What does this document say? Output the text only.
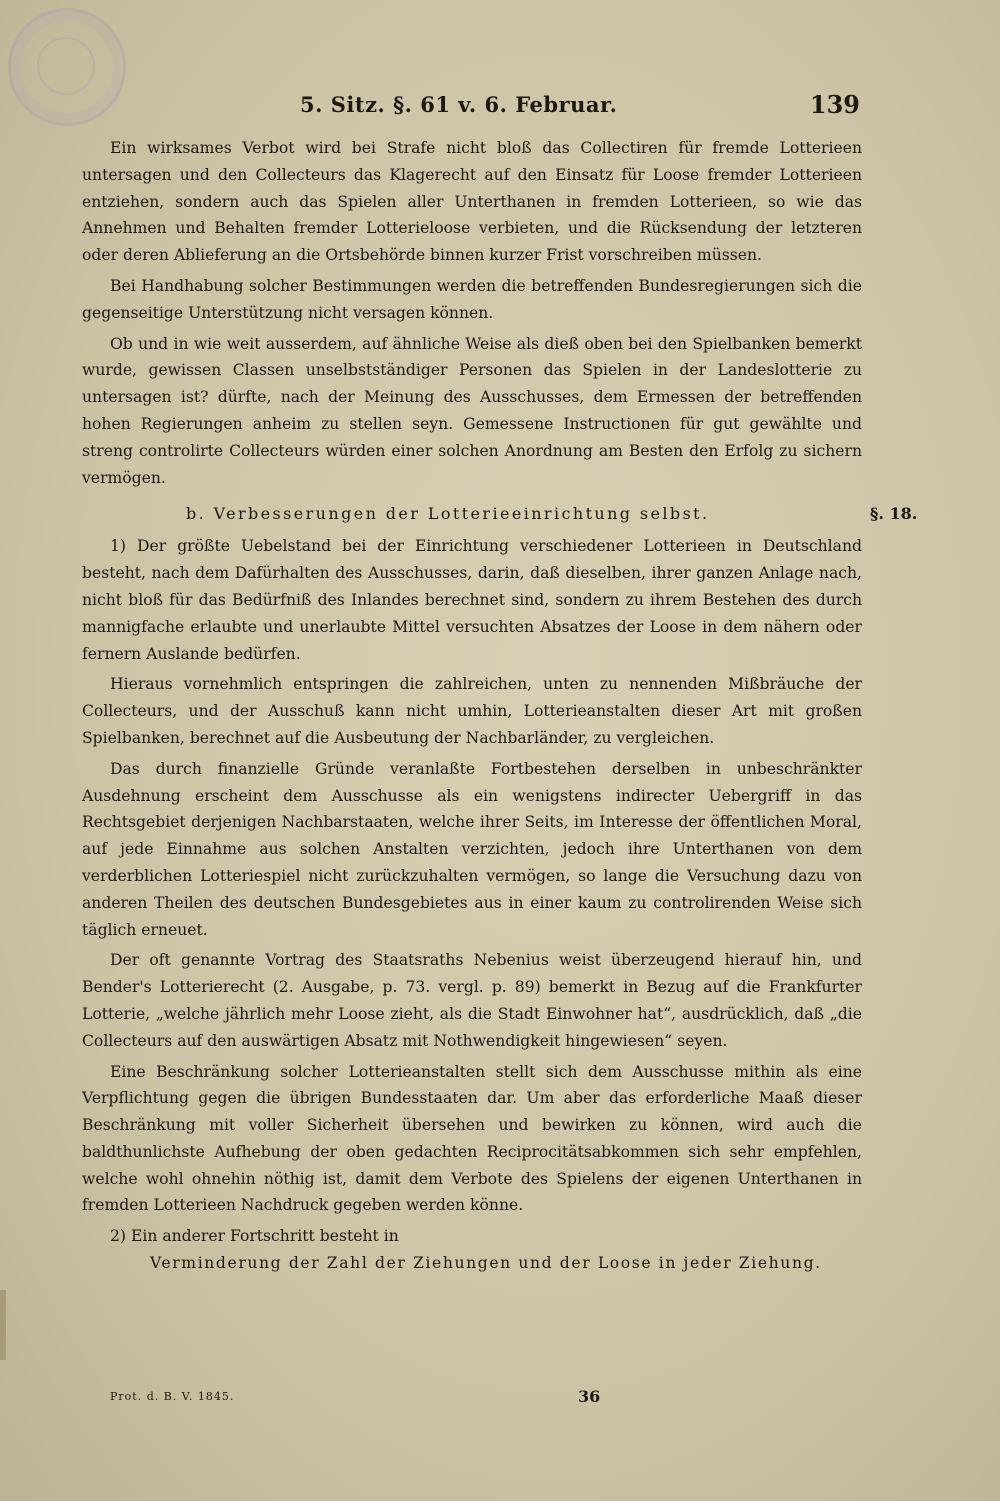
5. Sitz. §. 61 v. 6. Februar.	139

Ein wirksames Verbot wird bei Strafe nicht bloß das Collectiren für fremde Lotterieen untersagen und den Collecteurs das Klagerecht auf den Einsatz für Loose fremder Lotterieen entziehen, sondern auch das Spielen aller Unterthanen in fremden Lotterieen, so wie das Annehmen und Behalten fremder Lotterieloose verbieten, und die Rücksendung der letzteren oder deren Ablieferung an die Ortsbehörde binnen kurzer Frist vorschreiben müssen.

Bei Handhabung solcher Bestimmungen werden die betreffenden Bundesregierungen sich die gegenseitige Unterstützung nicht versagen können.

Ob und in wie weit ausserdem, auf ähnliche Weise als dieß oben bei den Spielbanken bemerkt wurde, gewissen Classen unselbstständiger Personen das Spielen in der Landeslotterie zu untersagen ist? dürfte, nach der Meinung des Ausschusses, dem Ermessen der betreffenden hohen Regierungen anheim zu stellen seyn. Gemessene Instructionen für gut gewählte und streng controlirte Collecteurs würden einer solchen Anordnung am Besten den Erfolg zu sichern vermögen.

b. Verbesserungen der Lotterieeinrichtung selbst.	§. 18.

1) Der größte Uebelstand bei der Einrichtung verschiedener Lotterieen in Deutschland besteht, nach dem Dafürhalten des Ausschusses, darin, daß dieselben, ihrer ganzen Anlage nach, nicht bloß für das Bedürfniß des Inlandes berechnet sind, sondern zu ihrem Bestehen des durch mannigfache erlaubte und unerlaubte Mittel versuchten Absatzes der Loose in dem nähern oder fernern Auslande bedürfen.

Hieraus vornehmlich entspringen die zahlreichen, unten zu nennenden Mißbräuche der Collecteurs, und der Ausschuß kann nicht umhin, Lotterieanstalten dieser Art mit großen Spielbanken, berechnet auf die Ausbeutung der Nachbarländer, zu vergleichen.

Das durch finanzielle Gründe veranlaßte Fortbestehen derselben in unbeschränkter Ausdehnung erscheint dem Ausschusse als ein wenigstens indirecter Uebergriff in das Rechtsgebiet derjenigen Nachbarstaaten, welche ihrer Seits, im Interesse der öffentlichen Moral, auf jede Einnahme aus solchen Anstalten verzichten, jedoch ihre Unterthanen von dem verderblichen Lotteriespiel nicht zurückzuhalten vermögen, so lange die Versuchung dazu von anderen Theilen des deutschen Bundesgebietes aus in einer kaum zu controlirenden Weise sich täglich erneuet.

Der oft genannte Vortrag des Staatsraths Nebenius weist überzeugend hierauf hin, und Bender's Lotterierecht (2. Ausgabe, p. 73. vergl. p. 89) bemerkt in Bezug auf die Frankfurter Lotterie, „welche jährlich mehr Loose zieht, als die Stadt Einwohner hat“, ausdrücklich, daß „die Collecteurs auf den auswärtigen Absatz mit Nothwendigkeit hingewiesen“ seyen.

Eine Beschränkung solcher Lotterieanstalten stellt sich dem Ausschusse mithin als eine Verpflichtung gegen die übrigen Bundesstaaten dar. Um aber das erforderliche Maaß dieser Beschränkung mit voller Sicherheit übersehen und bewirken zu können, wird auch die baldthunlichste Aufhebung der oben gedachten Reciprocitätsabkommen sich sehr empfehlen, welche wohl ohnehin nöthig ist, damit dem Verbote des Spielens der eigenen Unterthanen in fremden Lotterieen Nachdruck gegeben werden könne.

2) Ein anderer Fortschritt besteht in

Verminderung der Zahl der Ziehungen und der Loose in jeder Ziehung.

Prot. d. B. V. 1845.	36
